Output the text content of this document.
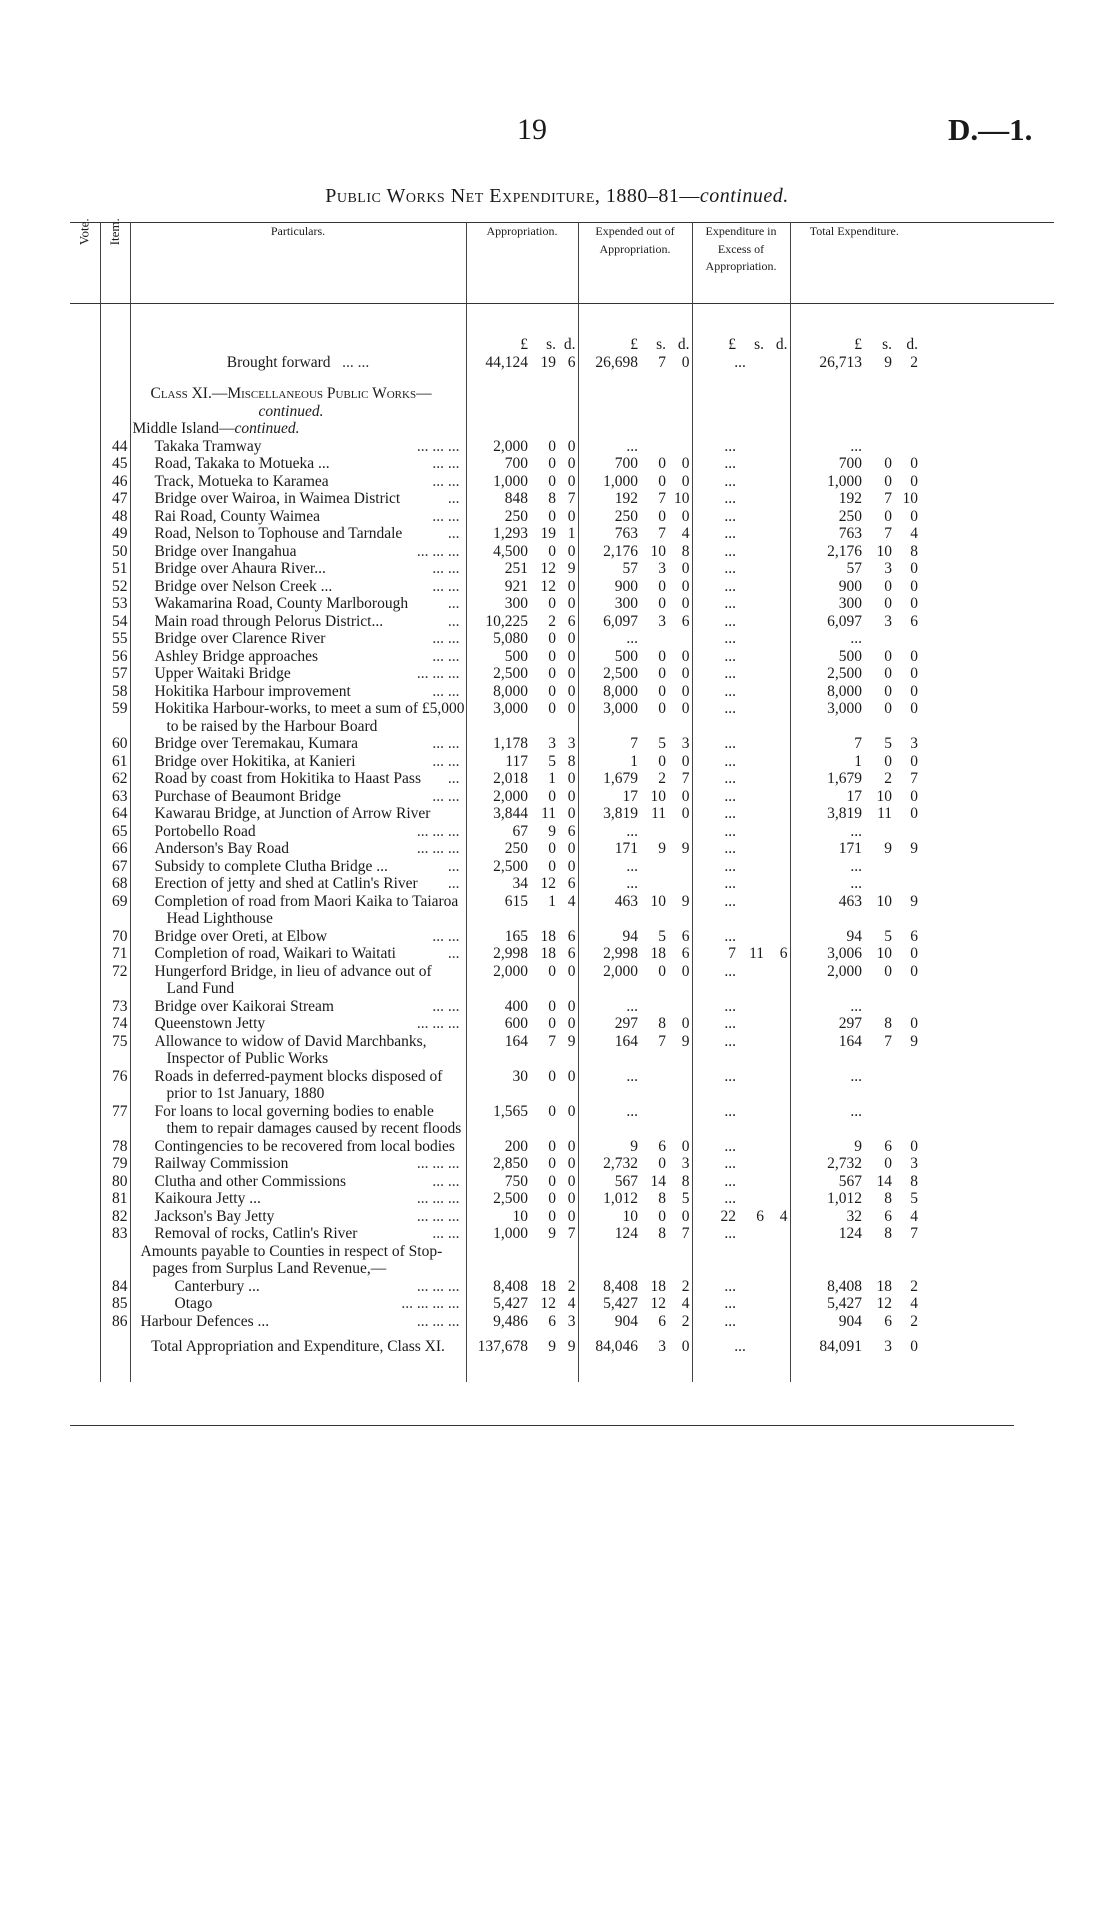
19	D.—1.
Public Works Net Expenditure, 1880–81—continued.
Vote.	Item.	Particulars.	Appropriation.			Expended out of Appropriation.			Expenditure in Excess of Appropriation.			Total Expenditure.			
			£	s.	d.	£	s.	d.	£	s.	d.	£	s.	d.	
		Brought forward ... ...	44,124	19	6	26,698	7	0	...			26,713	9	2	
		Class XI.—Miscellaneous Public Works—													
		continued.													
		Middle Island—continued.													
	44	Takaka Tramway ... ... ...	2,000	0	0	...			...			...			
	45	Road, Takaka to Motueka ... ... ...	700	0	0	700	0	0	...			700	0	0	
	46	Track, Motueka to Karamea ... ...	1,000	0	0	1,000	0	0	...			1,000	0	0	
	47	Bridge over Wairoa, in Waimea District ...	848	8	7	192	7	10	...			192	7	10	
	48	Rai Road, County Waimea ... ...	250	0	0	250	0	0	...			250	0	0	
	49	Road, Nelson to Tophouse and Tarndale ...	1,293	19	1	763	7	4	...			763	7	4	
	50	Bridge over Inangahua ... ... ...	4,500	0	0	2,176	10	8	...			2,176	10	8	
	51	Bridge over Ahaura River... ... ...	251	12	9	57	3	0	...			57	3	0	
	52	Bridge over Nelson Creek ... ... ...	921	12	0	900	0	0	...			900	0	0	
	53	Wakamarina Road, County Marlborough ...	300	0	0	300	0	0	...			300	0	0	
	54	Main road through Pelorus District... ...	10,225	2	6	6,097	3	6	...			6,097	3	6	
	55	Bridge over Clarence River ... ...	5,080	0	0	...			...			...			
	56	Ashley Bridge approaches ... ...	500	0	0	500	0	0	...			500	0	0	
	57	Upper Waitaki Bridge ... ... ...	2,500	0	0	2,500	0	0	...			2,500	0	0	
	58	Hokitika Harbour improvement ... ...	8,000	0	0	8,000	0	0	...			8,000	0	0	
	59	Hokitika Harbour-works, to meet a sum of £5,000 to be raised by the Harbour Board	3,000	0	0	3,000	0	0	...			3,000	0	0	
	60	Bridge over Teremakau, Kumara ... ...	1,178	3	3	7	5	3	...			7	5	3	
	61	Bridge over Hokitika, at Kanieri ... ...	117	5	8	1	0	0	...			1	0	0	
	62	Road by coast from Hokitika to Haast Pass ...	2,018	1	0	1,679	2	7	...			1,679	2	7	
	63	Purchase of Beaumont Bridge ... ...	2,000	0	0	17	10	0	...			17	10	0	
	64	Kawarau Bridge, at Junction of Arrow River	3,844	11	0	3,819	11	0	...			3,819	11	0	
	65	Portobello Road ... ... ...	67	9	6	...			...			...			
	66	Anderson's Bay Road ... ... ...	250	0	0	171	9	9	...			171	9	9	
	67	Subsidy to complete Clutha Bridge ... ...	2,500	0	0	...			...			...			
	68	Erection of jetty and shed at Catlin's River ...	34	12	6	...			...			...			
	69	Completion of road from Maori Kaika to Taiaroa Head Lighthouse	615	1	4	463	10	9	...			463	10	9	
	70	Bridge over Oreti, at Elbow ... ...	165	18	6	94	5	6	...			94	5	6	
	71	Completion of road, Waikari to Waitati ...	2,998	18	6	2,998	18	6	7	11	6	3,006	10	0	
	72	Hungerford Bridge, in lieu of advance out of Land Fund	2,000	0	0	2,000	0	0	...			2,000	0	0	
	73	Bridge over Kaikorai Stream ... ...	400	0	0	...			...			...			
	74	Queenstown Jetty ... ... ...	600	0	0	297	8	0	...			297	8	0	
	75	Allowance to widow of David Marchbanks, Inspector of Public Works	164	7	9	164	7	9	...			164	7	9	
	76	Roads in deferred-payment blocks disposed of prior to 1st January, 1880	30	0	0	...			...			...			
	77	For loans to local governing bodies to enable them to repair damages caused by recent floods	1,565	0	0	...			...			...			
	78	Contingencies to be recovered from local bodies	200	0	0	9	6	0	...			9	6	0	
	79	Railway Commission ... ... ...	2,850	0	0	2,732	0	3	...			2,732	0	3	
	80	Clutha and other Commissions ... ...	750	0	0	567	14	8	...			567	14	8	
	81	Kaikoura Jetty ... ... ... ...	2,500	0	0	1,012	8	5	...			1,012	8	5	
	82	Jackson's Bay Jetty ... ... ...	10	0	0	10	0	0	22	6	4	32	6	4	
	83	Removal of rocks, Catlin's River ... ...	1,000	9	7	124	8	7	...			124	8	7	

		Amounts payable to Counties in respect of Stop-pages from Surplus Land Revenue,—													

	84	Canterbury ... ... ... ...	8,408	18	2	8,408	18	2	...			8,408	18	2	
	85	Otago ... ... ... ...	5,427	12	4	5,427	12	4	...			5,427	12	4	
	86	Harbour Defences ... ... ... ...	9,486	6	3	904	6	2	...			904	6	2	
		Total Appropriation and Expenditure, Class XI.	137,678	9	9	84,046	3	0	...			84,091	3	0	
